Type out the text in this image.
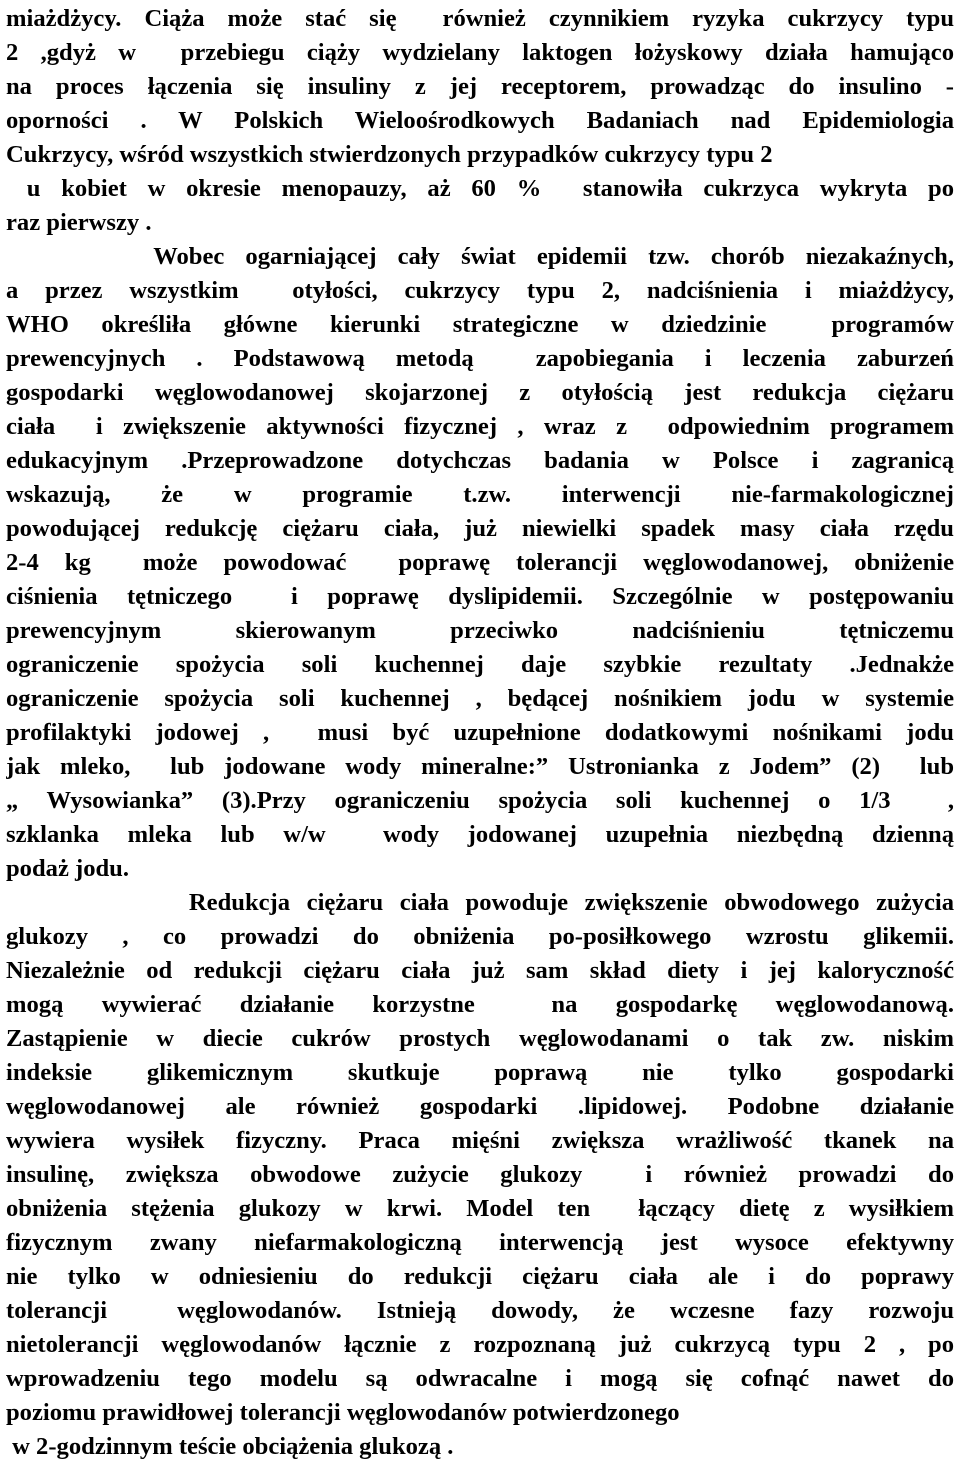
miażdżycy. Ciąża może stać się  również czynnikiem ryzyka cukrzycy typu
2 ,gdyż w  przebiegu ciąży wydzielany laktogen łożyskowy działa hamująco
na proces łączenia się insuliny z jej receptorem, prowadząc do insulino -
oporności . W Polskich Wieloośrodkowych Badaniach nad Epidemiologia
Cukrzycy, wśród wszystkich stwierdzonych przypadków cukrzycy typu 2
u kobiet w okresie menopauzy, aż 60 %  stanowiła cukrzyca wykryta po
raz pierwszy .
Wobec ogarniającej cały świat epidemii tzw. chorób niezakaźnych,
a przez wszystkim  otyłości, cukrzycy typu 2, nadciśnienia i miażdżycy,
WHO określiła główne kierunki strategiczne w dziedzinie  programów
prewencyjnych . Podstawową metodą  zapobiegania i leczenia zaburzeń
gospodarki węglowodanowej skojarzonej z otyłością jest redukcja ciężaru
ciała  i zwiększenie aktywności fizycznej , wraz z  odpowiednim programem
edukacyjnym .Przeprowadzone dotychczas badania w Polsce i zagranicą
wskazują,  że  w  programie  t.zw.  interwencji  nie-farmakologicznej
powodującej redukcję ciężaru ciała, już niewielki spadek masy ciała rzędu
2-4 kg  może powodować  poprawę tolerancji węglowodanowej, obniżenie
ciśnienia tętniczego  i poprawę dyslipidemii. Szczególnie w postępowaniu
prewencyjnym  skierowanym  przeciwko  nadciśnieniu  tętniczemu
ograniczenie spożycia soli kuchennej daje szybkie rezultaty .Jednakże
ograniczenie spożycia soli kuchennej , będącej nośnikiem jodu w systemie
profilaktyki jodowej ,  musi być uzupełnione dodatkowymi nośnikami jodu
jak mleko,  lub jodowane wody mineralne:” Ustronianka z Jodem” (2)  lub
„ Wysowianka” (3).Przy ograniczeniu spożycia soli kuchennej o 1/3  ,
szklanka mleka lub w/w  wody jodowanej uzupełnia niezbędną dzienną
podaż jodu.
Redukcja ciężaru ciała powoduje zwiększenie obwodowego zużycia
glukozy , co prowadzi do obniżenia po-posiłkowego wzrostu glikemii.
Niezależnie od redukcji ciężaru ciała już sam skład diety i jej kaloryczność
mogą wywierać działanie korzystne  na gospodarkę węglowodanową.
Zastąpienie w diecie cukrów prostych węglowodanami o tak zw. niskim
indeksie glikemicznym skutkuje poprawą nie tylko gospodarki
węglowodanowej ale również gospodarki .lipidowej. Podobne działanie
wywiera wysiłek fizyczny. Praca mięśni zwiększa wrażliwość tkanek na
insulinę, zwiększa obwodowe zużycie glukozy  i również prowadzi do
obniżenia stężenia glukozy w krwi. Model ten  łączący dietę z wysiłkiem
fizycznym zwany niefarmakologiczną interwencją jest wysoce efektywny
nie tylko w odniesieniu do redukcji ciężaru ciała ale i do poprawy
tolerancji  węglowodanów. Istnieją dowody, że wczesne fazy rozwoju
nietolerancji węglowodanów łącznie z rozpoznaną już cukrzycą typu 2 , po
wprowadzeniu tego modelu są odwracalne i mogą się cofnąć nawet do
poziomu prawidłowej tolerancji węglowodanów potwierdzonego
w 2-godzinnym teście obciążenia glukozą .
